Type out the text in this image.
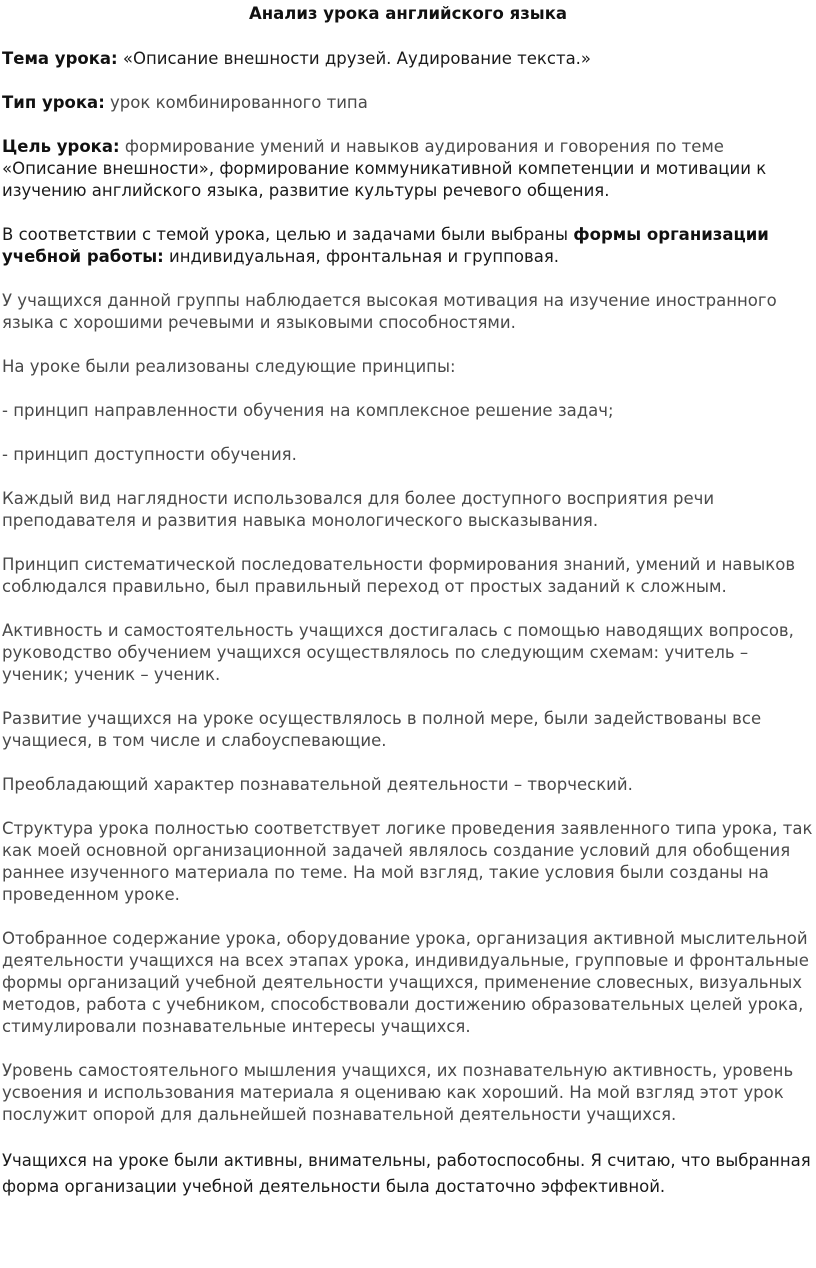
Анализ урока английского языка

Тема урока: «Описание внешности друзей. Аудирование текста.»

Тип урока: урок комбинированного типа

Цель урока: формирование умений и навыков аудирования и говорения по теме «Описание внешности», формирование коммуникативной компетенции и мотивации к изучению английского языка, развитие культуры речевого общения.

В соответствии с темой урока, целью и задачами были выбраны формы организации учебной работы: индивидуальная, фронтальная и групповая.

У учащихся данной группы наблюдается высокая мотивация на изучение иностранного языка с хорошими речевыми и языковыми способностями.

На уроке были реализованы следующие принципы:

- принцип направленности обучения на комплексное решение задач;

- принцип доступности обучения.

Каждый вид наглядности использовался для более доступного восприятия речи преподавателя и развития навыка монологического высказывания.

Принцип систематической последовательности формирования знаний, умений и навыков соблюдался правильно, был правильный переход от простых заданий к сложным.

Активность и самостоятельность учащихся достигалась с помощью наводящих вопросов, руководство обучением учащихся осуществлялось по следующим схемам: учитель – ученик; ученик – ученик.

Развитие учащихся на уроке осуществлялось в полной мере, были задействованы все учащиеся, в том числе и слабоуспевающие.

Преобладающий характер познавательной деятельности – творческий.

Структура урока полностью соответствует логике проведения заявленного типа урока, так как моей основной организационной задачей являлось создание условий для обобщения раннее изученного материала по теме. На мой взгляд, такие условия были созданы на проведенном уроке.

Отобранное содержание урока, оборудование урока, организация активной мыслительной деятельности учащихся на всех этапах урока, индивидуальные, групповые и фронтальные формы организаций учебной деятельности учащихся, применение словесных, визуальных методов, работа с учебником, способствовали достижению образовательных целей урока, стимулировали познавательные интересы учащихся.

Уровень самостоятельного мышления учащихся, их познавательную активность, уровень усвоения и использования материала я оцениваю как хороший. На мой взгляд этот урок послужит опорой для дальнейшей познавательной деятельности учащихся.

Учащихся на уроке были активны, внимательны, работоспособны. Я считаю, что выбранная форма организации учебной деятельности была достаточно эффективной.
